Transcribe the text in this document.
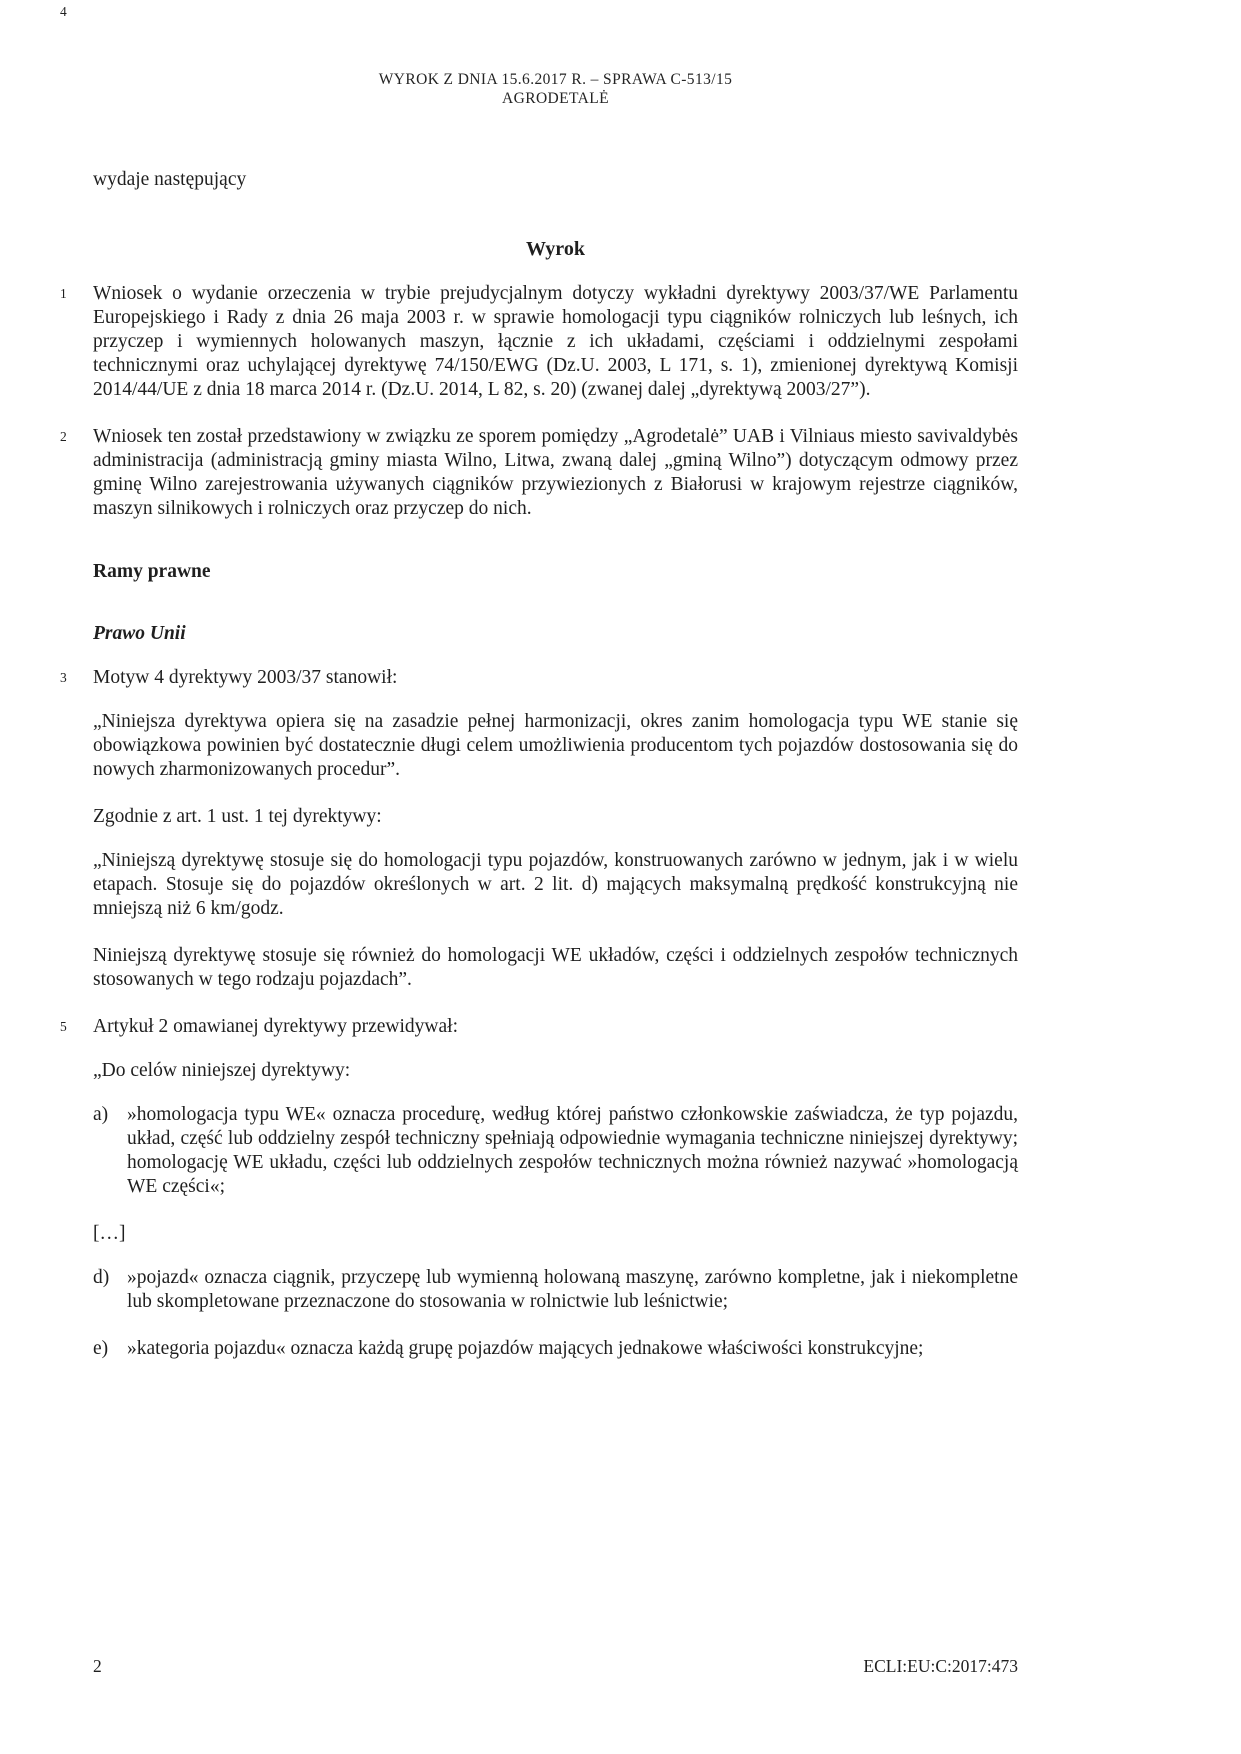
WYROK Z DNIA 15.6.2017 R. – SPRAWA C-513/15
AGRODETALĖ

wydaje następujący

Wyrok
1 Wniosek o wydanie orzeczenia w trybie prejudycjalnym dotyczy wykładni dyrektywy 2003/37/WE Parlamentu Europejskiego i Rady z dnia 26 maja 2003 r. w sprawie homologacji typu ciągników rolniczych lub leśnych, ich przyczep i wymiennych holowanych maszyn, łącznie z ich układami, częściami i oddzielnymi zespołami technicznymi oraz uchylającej dyrektywę 74/150/EWG (Dz.U. 2003, L 171, s. 1), zmienionej dyrektywą Komisji 2014/44/UE z dnia 18 marca 2014 r. (Dz.U. 2014, L 82, s. 20) (zwanej dalej „dyrektywą 2003/27”).
2 Wniosek ten został przedstawiony w związku ze sporem pomiędzy „Agrodetalė” UAB i Vilniaus miesto savivaldybės administracija (administracją gminy miasta Wilno, Litwa, zwaną dalej „gminą Wilno”) dotyczącym odmowy przez gminę Wilno zarejestrowania używanych ciągników przywiezionych z Białorusi w krajowym rejestrze ciągników, maszyn silnikowych i rolniczych oraz przyczep do nich.
Ramy prawne
Prawo Unii
3 Motyw 4 dyrektywy 2003/37 stanowił:
„Niniejsza dyrektywa opiera się na zasadzie pełnej harmonizacji, okres zanim homologacja typu WE stanie się obowiązkowa powinien być dostatecznie długi celem umożliwienia producentom tych pojazdów dostosowania się do nowych zharmonizowanych procedur”.
4
Zgodnie z art. 1 ust. 1 tej dyrektywy:
„Niniejszą dyrektywę stosuje się do homologacji typu pojazdów, konstruowanych zarówno w jednym, jak i w wielu etapach. Stosuje się do pojazdów określonych w art. 2 lit. d) mających maksymalną prędkość konstrukcyjną nie mniejszą niż 6 km/godz.
Niniejszą dyrektywę stosuje się również do homologacji WE układów, części i oddzielnych zespołów technicznych stosowanych w tego rodzaju pojazdach”.
5 Artykuł 2 omawianej dyrektywy przewidywał:
„Do celów niniejszej dyrektywy:
a) »homologacja typu WE« oznacza procedurę, według której państwo członkowskie zaświadcza, że typ pojazdu, układ, część lub oddzielny zespół techniczny spełniają odpowiednie wymagania techniczne niniejszej dyrektywy; homologację WE układu, części lub oddzielnych zespołów technicznych można również nazywać »homologacją WE części«;
[…]
d) »pojazd« oznacza ciągnik, przyczepę lub wymienną holowaną maszynę, zarówno kompletne, jak i niekompletne lub skompletowane przeznaczone do stosowania w rolnictwie lub leśnictwie;
e) »kategoria pojazdu« oznacza każdą grupę pojazdów mających jednakowe właściwości konstrukcyjne;
2	ECLI:EU:C:2017:473
